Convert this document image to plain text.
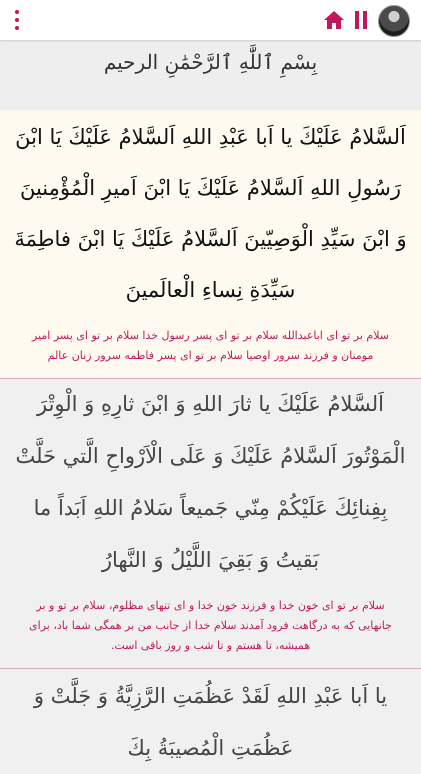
بِسْمِ ٱللَّٰهِ ٱلرَّحْمَٰنِ الرحيم
اَلسَّلامُ عَلَيْكَ يا اَبا عَبْدِ اللهِ اَلسَّلامُ عَلَيْكَ يَا ابْنَ رَسُولِ اللهِ اَلسَّلامُ عَلَيْكَ يَا ابْنَ اَميرِ الْمُؤْمِنينَ وَ ابْنَ سَيِّدِ الْوَصِيّينَ اَلسَّلامُ عَلَيْكَ يَا ابْنَ فاطِمَةَ سَيِّدَةِ نِساءِ الْعالَمينَ
سلام بر تو ای اباعبدالله سلام بر تو ای پسر رسول خدا سلام بر تو ای پسر امیر مومنان و فرزند سرور اوصیا سلام بر تو ای پسر فاطمه سرور زنان عالم
اَلسَّلامُ عَلَيْكَ يا ثارَ اللهِ وَ ابْنَ ثارِهِ وَ الْوِتْرَ الْمَوْتُورَ اَلسَّلامُ عَلَيْكَ وَ عَلَى الْاَرْواحِ الَّتي حَلَّتْ بِفِنائِكَ عَلَيْكُمْ مِنّي جَميعاً سَلامُ اللهِ اَبَداً ما بَقيتُ وَ بَقِيَ اللَّيْلُ وَ النَّهارُ
سلام بر تو ای خون خدا و فرزند خون خدا و ای تنهای مظلوم، سلام بر تو و بر جانهایی که به درگاهت فرود آمدند سلام خدا از جانب من بر همگی شما باد، برای همیشه، تا هستم و تا شب و روز باقی است.
يا اَبا عَبْدِ اللهِ لَقَدْ عَظُمَتِ الرَّزِيَّةُ وَ جَلَّتْ وَ عَظُمَتِ الْمُصيبَةُ بِكَ
